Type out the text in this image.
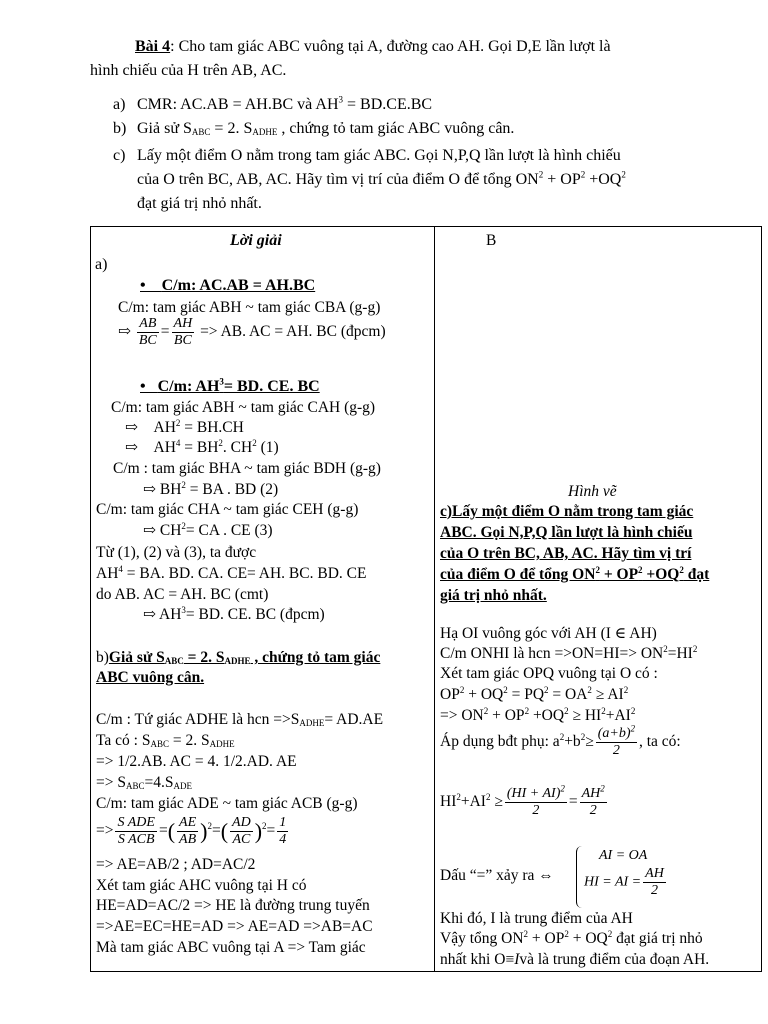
Bài 4: Cho tam giác ABC vuông tại A, đường cao AH. Gọi D,E lần lượt là
hình chiếu của H trên AB, AC.
a) CMR: AC.AB = AH.BC và $AH^3 = BD.CE.BC$
b) Giả sử $S_{ABC} = 2$. $S_{ADHE}$ , chứng tỏ tam giác ABC vuông cân.
c) Lấy một điểm O nằm trong tam giác ABC. Gọi N,P,Q lần lượt là hình chiếu
của O trên BC, AB, AC. Hãy tìm vị trí của điểm O để tổng $ON^2 + OP^2 +OQ^2$
đạt giá trị nhỏ nhất.
Lời giải
a)
•    C/m: AC.AB = AH.BC
C/m: tam giác ABH ~ tam giác CBA (g-g)
⇨ $\frac{AB}{BC} = \frac{AH}{BC}$ => AB. AC = AH. BC (đpcm)
•   C/m: $AH^3=$ BD. CE. BC
C/m: tam giác ABH ~ tam giác CAH (g-g)
⇨    $AH^2 = BH.CH$
⇨    $AH^4 = BH^2$. $CH^2$ (1)
C/m : tam giác BHA ~ tam giác BDH (g-g)
⇨ $BH^2$ = BA . BD (2)
C/m: tam giác CHA ~ tam giác CEH (g-g)
⇨ $CH^2=$ CA . CE (3)
Từ (1), (2) và (3), ta được
$AH^4$ = BA. BD. CA. CE= AH. BC. BD. CE
do AB. AC = AH. BC (cmt)
⇨ $AH^3=$ BD. CE. BC (đpcm)
b)Giả sử $S_{ABC} = 2$. $S_{ADHE}$ , chứng tỏ tam giác
ABC vuông cân.
C/m : Tứ giác ADHE là hcn $=>S_{ADHE}= AD.AE$
Ta có : $S_{ABC} = 2$. $S_{ADHE}$
=> 1/2.AB. AC = 4. 1/2.AD. AE
=> $S_{ABC}=4.S_{ADE}$
C/m: tam giác ADE ~ tam giác ACB (g-g)
=> $\frac{\text{S ADE}}{\text{S ACB}}$ =( $\frac{AE}{AB} )^2=( \frac{AD}{AC} )^2= \frac{1}{4}$
=> AE=AB/2 ; AD=AC/2
Xét tam giác AHC vuông tại H có
HE=AD=AC/2 => HE là đường trung tuyến
=>AE=EC=HE=AD => AE=AD =>AB=AC
Mà tam giác ABC vuông tại A => Tam giác
B
Hình vẽ
c)Lấy một điểm O nằm trong tam giác
ABC. Gọi N,P,Q lần lượt là hình chiếu
của O trên BC, AB, AC. Hãy tìm vị trí
của điểm O để tổng $ON^2 + OP^2 +OQ^2$ đạt
giá trị nhỏ nhất.
Hạ OI vuông góc với AH (I ∈ AH)
C/m ONHI là hcn $=>ON=HI=> ON^2=HI^2$
Xét tam giác OPQ vuông tại O có :
$OP^2 + OQ^2 = PQ^2 = OA^2 \ge AI^2$
=> $ON^2 + OP^2 +OQ^2 \ge HI^2+AI^2$
Áp dụng bđt phụ: $a^2+b^2\ge \frac{(a+b)^2}{2}$ , ta có:
$HI^2+AI^2 \ge \frac{(HI + AI)^2}{2} = \frac{AH^2}{2}$
Dấu “=” xảy ra ⇔
AI = OA
HI = AI = $\frac{AH}{2}$
Khi đó, I là trung điểm của AH
Vậy tổng $ON^2 + OP^2 + OQ^2$ đạt giá trị nhỏ
nhất khi O≡Ivà là trung điểm của đoạn AH.
